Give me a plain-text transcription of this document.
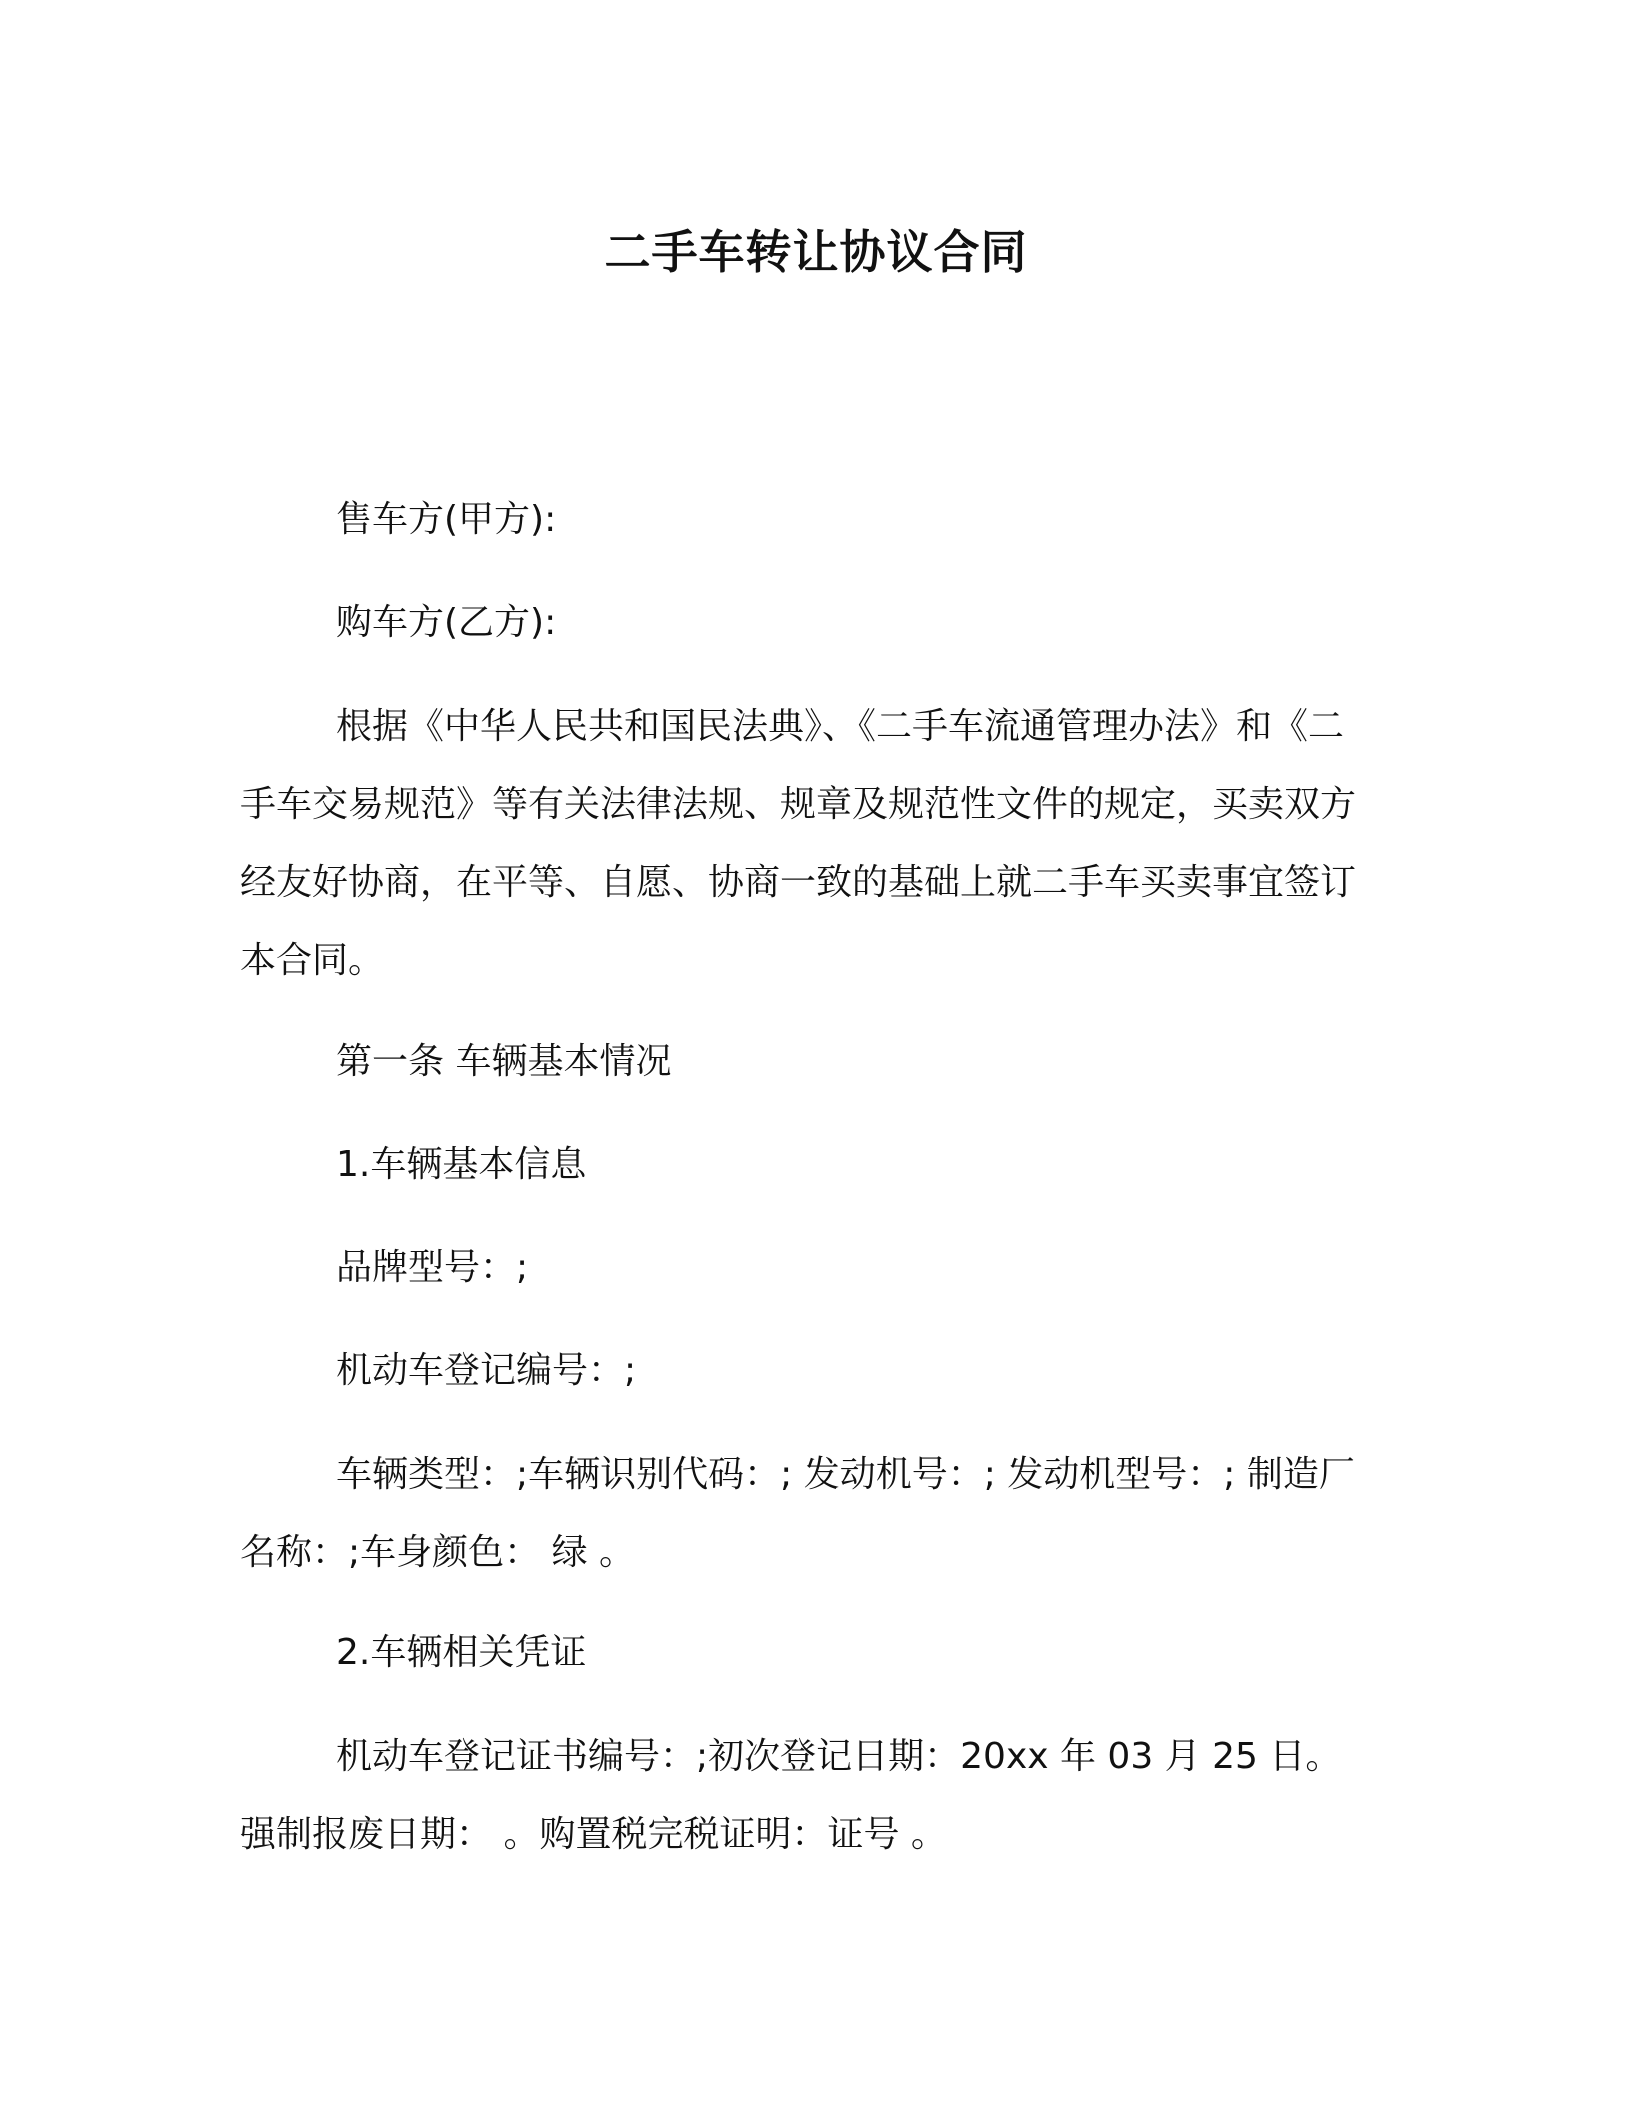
二手车转让协议合同

售车方(甲方):

购车方(乙方):

根据《中华人民共和国民法典》、《二手车流通管理办法》和《二手车交易规范》等有关法律法规、规章及规范性文件的规定，买卖双方经友好协商，在平等、自愿、协商一致的基础上就二手车买卖事宜签订本合同。

第一条 车辆基本情况

1.车辆基本信息

品牌型号：;

机动车登记编号：;

车辆类型：;车辆识别代码：; 发动机号：; 发动机型号：; 制造厂名称：;车身颜色： 绿 。

2.车辆相关凭证

机动车登记证书编号：;初次登记日期：20xx 年 03 月 25 日。强制报废日期： 。购置税完税证明：证号 。
